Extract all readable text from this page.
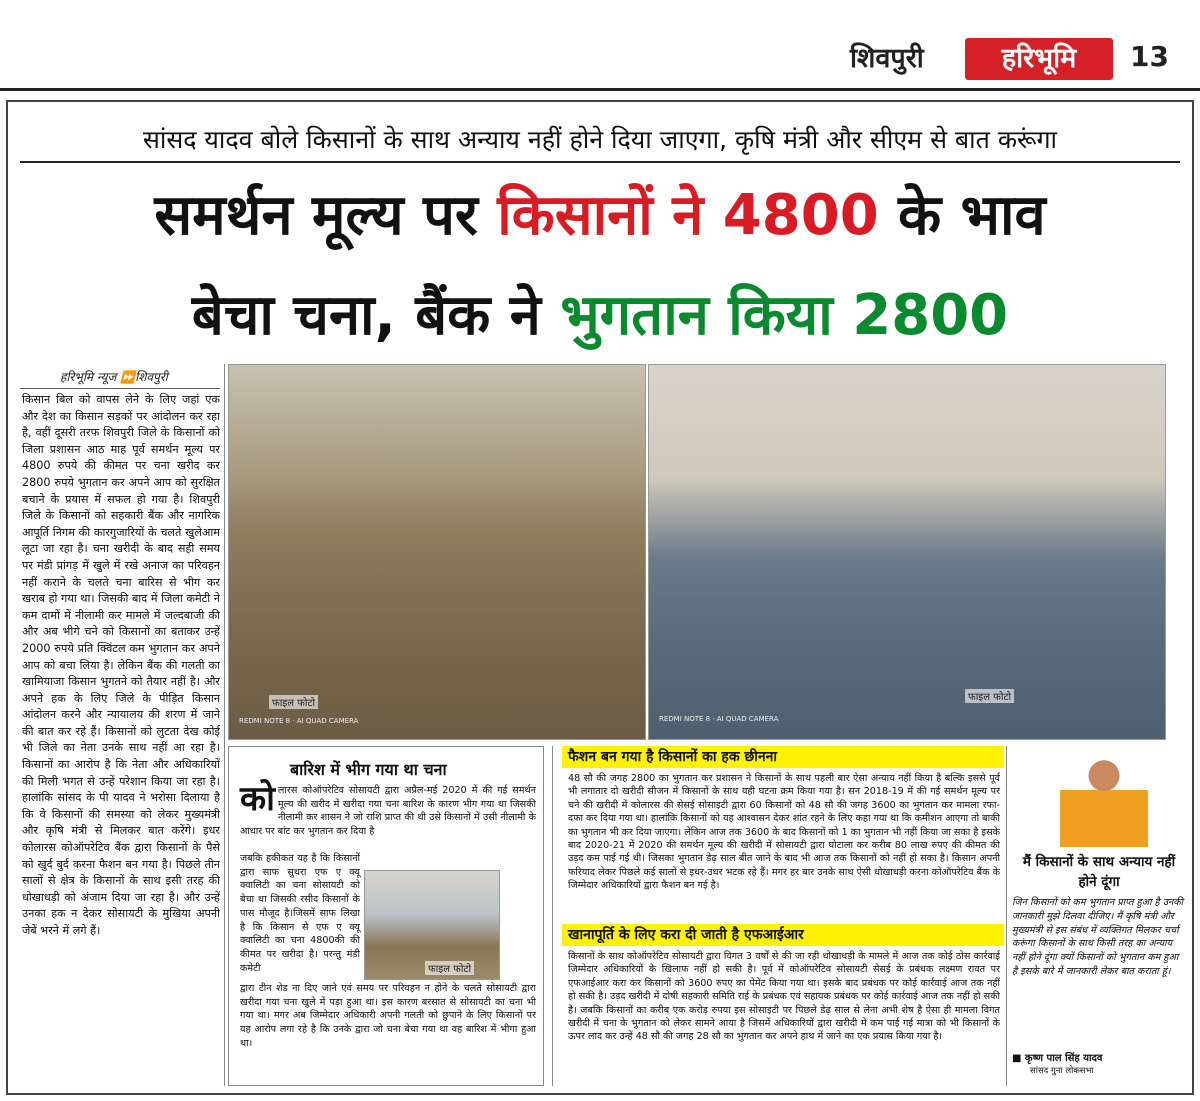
शिवपुरी	हरिभूमि	13
सांसद यादव बोले किसानों के साथ अन्याय नहीं होने दिया जाएगा, कृषि मंत्री और सीएम से बात करूंगा
समर्थन मूल्य पर किसानों ने 4800 के भाव
बेचा चना, बैंक ने भुगतान किया 2800
हरिभूमि न्यूज ⏩शिवपुरी
किसान बिल को वापस लेने के लिए जहां एक और देश का किसान सड़कों पर आंदोलन कर रहा है, वहीं दूसरी तरफ शिवपुरी जिले के किसानों को जिला प्रशासन आठ माह पूर्व समर्थन मूल्य पर 4800 रुपये की कीमत पर चना खरीद कर 2800 रुपये भुगतान कर अपने आप को सुरक्षित बचाने के प्रयास में सफल हो गया है। शिवपुरी जिले के किसानों को सहकारी बैंक और नागरिक आपूर्ति निगम की कारगुजारियों के चलते खुलेआम लूटा जा रहा है। चना खरीदी के बाद सही समय पर मंडी प्रांगड़ में खुले में रखे अनाज का परिवहन नहीं कराने के चलते चना बारिस से भीग कर खराब हो गया था। जिसकी बाद में जिला कमेटी ने कम दामों में नीलामी कर मामले में जल्दबाजी की और अब भीगे चने को किसानों का बताकर उन्हें 2000 रुपये प्रति क्विंटल कम भुगतान कर अपने आप को बचा लिया है। लेकिन बैंक की गलती का खामियाजा किसान भुगतने को तैयार नहीं है। और अपने हक के लिए जिले के पीड़ित किसान आंदोलन करने और न्यायालय की शरण में जाने की बात कर रहे हैं। किसानों को लुटता देख कोई भी जिले का नेता उनके साथ नहीं आ रहा है। किसानों का आरोप है कि नेता और अधिकारियों की मिली भगत से उन्हें परेशान किया जा रहा है। हालांकि सांसद के पी यादव ने भरोसा दिलाया है कि वे किसानों की समस्या को लेकर मुख्यमंत्री और कृषि मंत्री से मिलकर बात करेंगे। इधर कोलारस कोऑपरेटिव बैंक द्वारा किसानों के पैसे को खुर्द बुर्द करना फैशन बन गया है। पिछले तीन सालों से क्षेत्र के किसानों के साथ इसी तरह की धोखाधड़ी को अंजाम दिया जा रहा है। और उन्हें उनका हक न देकर सोसायटी के मुखिया अपनी जेबें भरने में लगे हैं।
फाइल फोटो
REDMI NOTE 8 · AI QUAD CAMERA
फाइल फोटो
REDMI NOTE 8 · AI QUAD CAMERA
बारिश में भीग गया था चना
कोलारस कोऑपरेटिव सोसायटी द्वारा अप्रैल-मई 2020 में की गई समर्थन मूल्य की खरीद में खरीदा गया चना बारिश के कारण भीग गया था जिसकी नीलामी कर शासन ने जो राशि प्राप्त की थी उसे किसानों में उसी नीलामी के आधार पर बांट कर भुगतान कर दिया है
जबकि हकीकत यह है कि किसानों द्वारा साफ सुथरा एफ ए क्यू क्वालिटी का चना सोसायटी को बेचा था जिसकी रसीद किसानों के पास मौजूद है।जिसमें साफ लिखा है कि किसान से एफ ए क्यू क्वालिटी का चना 4800की की कीमत पर खरीदा है। परन्तु मंडी कमेटी	फाइल फोटो
द्वारा टीन शेड ना दिए जाने एवं समय पर परिवहन न होने के चलते सोसायटी द्वारा खरीदा गया चना खुले में पड़ा हुआ था। इस कारण बरसात से सोसायटी का चना भी गया था। मगर अब जिम्मेदार अधिकारी अपनी गलती को छुपाने के लिए किसानों पर यह आरोप लगा रहे है कि उनके द्वारा जो चना बेचा गया था वह बारिश में भीगा हुआ था।
फैशन बन गया है किसानों का हक छीनना
48 सौ की जगह 2800 का भुगतान कर प्रशासन ने किसानों के साथ पहली बार ऐसा अन्याय नहीं किया है बल्कि इससे पूर्व भी लगातार दो खरीदी सीजन में किसानों के साथ यही घटना क्रम किया गया है। सन 2018-19 में की गई समर्थन मूल्य पर चने की खरीदी में कोलारस की सेसई सोसाइटी द्वारा 60 किसानों को 48 सौ की जगह 3600 का भुगतान कर मामला रफा-दफा कर दिया गया था। हालांकि किसानों को यह आश्वासन देकर शांत रहने के लिए कहा गया था कि कमीशन आएगा तो बाकी का भुगतान भी कर दिया जाएगा। लेकिन आज तक 3600 के बाद किसानों को 1 का भुगतान भी नहीं किया जा सका है इसके बाद 2020-21 में 2020 की समर्थन मूल्य की खरीदी में सोसायटी द्वारा घोटाला कर करीब 80 लाख रुपए की कीमत की उड़द कम पाई गई थी। जिसका भुगतान डेढ़ साल बीत जाने के बाद भी आज तक किसानों को नहीं हो सका है। किसान अपनी फरियाद लेकर पिछले कई सालों से इधर-उधर भटक रहे हैं। मगर हर बार उनके साथ ऐसी धोखाधड़ी करना कोऑपरेटिव बैंक के जिम्मेदार अधिकारियों द्वारा फैशन बन गई है।
खानापूर्ति के लिए करा दी जाती है एफआईआर
किसानों के साथ कोऑपरेटिव सोसायटी द्वारा विगत 3 वर्षों से की जा रही धोखाधड़ी के मामले में आज तक कोई ठोस कार्रवाई जिम्मेदार अधिकारियों के खिलाफ नहीं हो सकी है। पूर्व में कोऑपरेटिव सोसायटी सेसई के प्रबंधक लक्ष्मण रावत पर एफआईआर करा कर किसानों को 3600 रुपए का पेमेंट किया गया था। इसके बाद प्रबंधक पर कोई कार्रवाई आज तक नहीं हो सकी है। उड़द खरीदी में दोषी सहकारी समिति राई के प्रबंधक एवं सहायक प्रबंधक पर कोई कार्रवाई आज तक नहीं हो सकी है। जबकि किसानों का करीब एक करोड़ रुपया इस सोसाइटी पर पिछले डेढ़ साल से लेना अभी शेष है ऐसा ही मामला विगत खरीदी में चना के भुगतान को लेकर सामने आया है जिसमें अधिकारियों द्वारा खरीदी में कम पाई गई मात्रा को भी किसानों के ऊपर लाद कर उन्हें 48 सौ की जगह 28 सौ का भुगतान कर अपने हाथ में जाने का एक प्रयास किया गया है।
मैं किसानों के साथ अन्याय नहीं होने दूंगा
जिन किसानों को कम भुगतान प्राप्त हुआ है उनकी जानकारी मुझे दिलवा दीजिए। मैं कृषि मंत्री और मुख्यमंत्री से इस संबंध में व्यक्तिगत मिलकर चर्चा करूंगा किसानों के साथ किसी तरह का अन्याय नहीं होने दूंगा क्यों किसानों को भुगतान कम हुआ है इसके बारे में जानकारी लेकर बात कराता हूं।
■ कृष्ण पाल सिंह यादव
सांसद गुना लोकसभा
